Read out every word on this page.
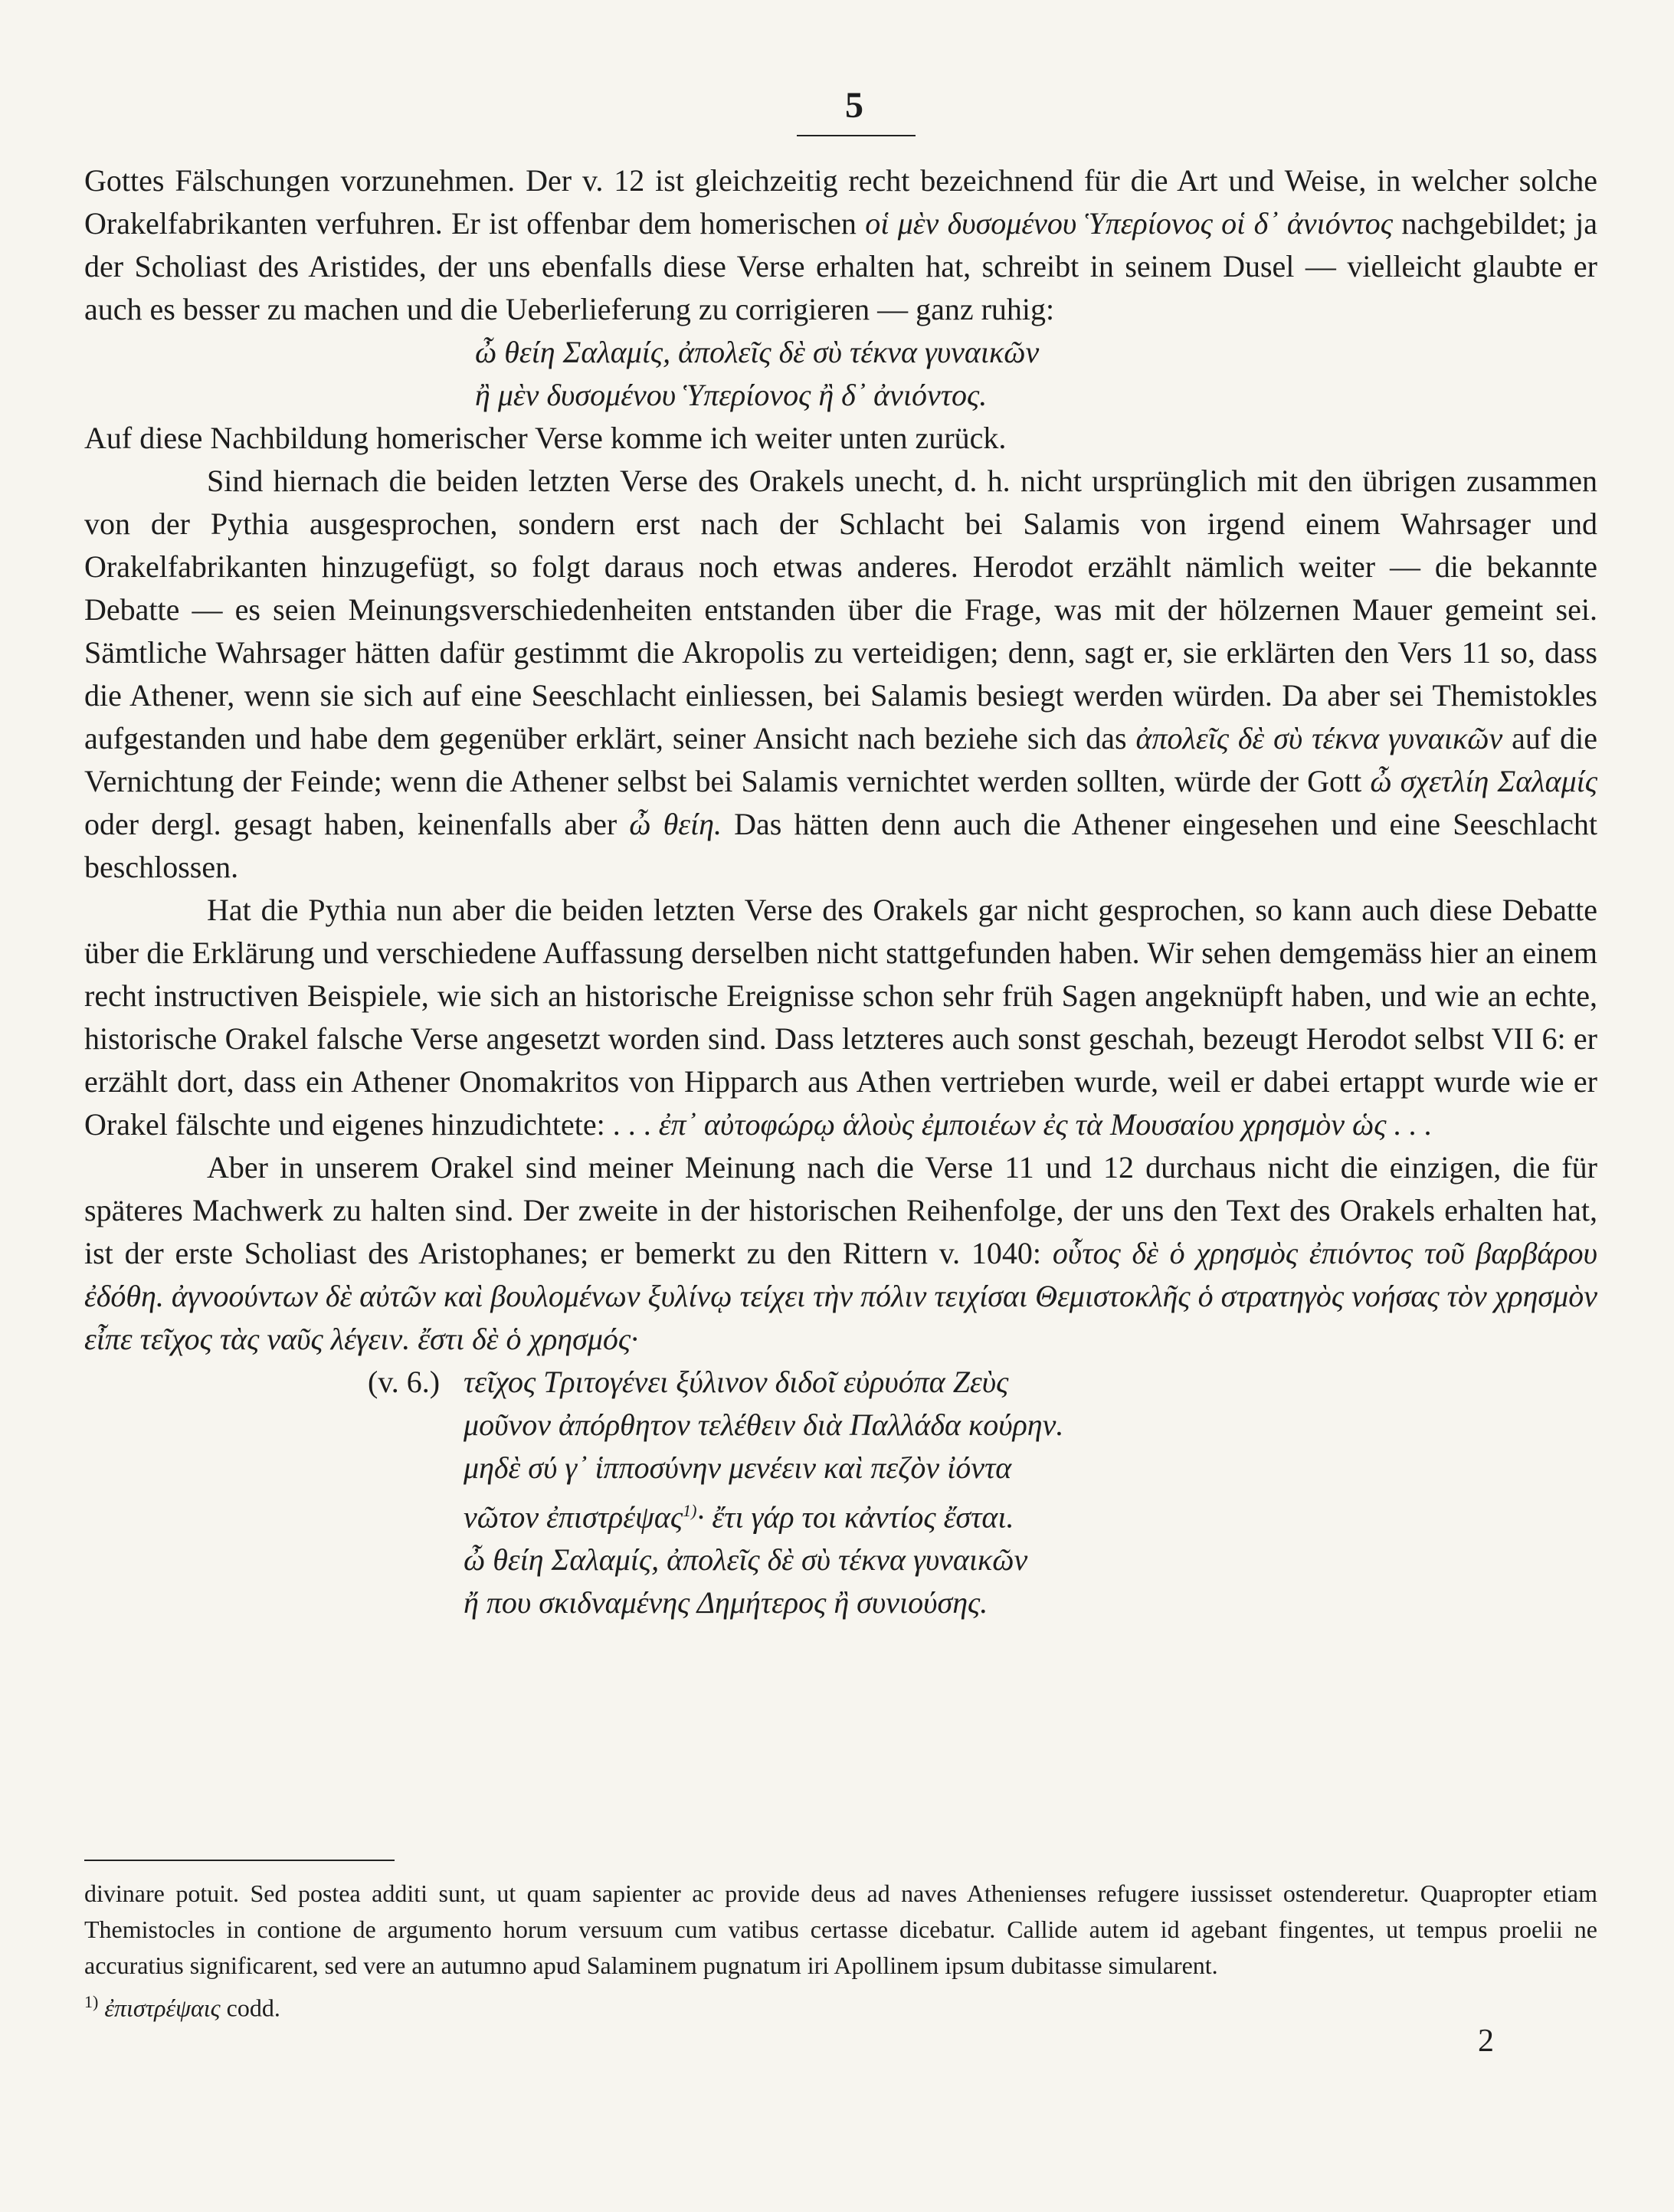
5

Gottes Fälschungen vorzunehmen. Der v. 12 ist gleichzeitig recht bezeichnend für die Art und Weise, in welcher solche Orakelfabrikanten verfuhren. Er ist offenbar dem homerischen οἱ μὲν δυσομένου Ὑπερίονος οἱ δ᾽ ἀνιόντος nachgebildet; ja der Scholiast des Aristides, der uns ebenfalls diese Verse erhalten hat, schreibt in seinem Dusel — vielleicht glaubte er auch es besser zu machen und die Ueberlieferung zu corrigieren — ganz ruhig:

ὦ θείη Σαλαμίς, ἀπολεῖς δὲ σὺ τέκνα γυναικῶν
ἢ μὲν δυσομένου Ὑπερίονος ἢ δ᾽ ἀνιόντος.

Auf diese Nachbildung homerischer Verse komme ich weiter unten zurück.

Sind hiernach die beiden letzten Verse des Orakels unecht, d. h. nicht ursprünglich mit den übrigen zusammen von der Pythia ausgesprochen, sondern erst nach der Schlacht bei Salamis von irgend einem Wahrsager und Orakelfabrikanten hinzugefügt, so folgt daraus noch etwas anderes. Herodot erzählt nämlich weiter — die bekannte Debatte — es seien Meinungsverschiedenheiten entstanden über die Frage, was mit der hölzernen Mauer gemeint sei. Sämtliche Wahrsager hätten dafür gestimmt die Akropolis zu verteidigen; denn, sagt er, sie erklärten den Vers 11 so, dass die Athener, wenn sie sich auf eine Seeschlacht einliessen, bei Salamis besiegt werden würden. Da aber sei Themistokles aufgestanden und habe dem gegenüber erklärt, seiner Ansicht nach beziehe sich das ἀπολεῖς δὲ σὺ τέκνα γυναικῶν auf die Vernichtung der Feinde; wenn die Athener selbst bei Salamis vernichtet werden sollten, würde der Gott ὦ σχετλίη Σαλαμίς oder dergl. gesagt haben, keinenfalls aber ὦ θείη. Das hätten denn auch die Athener eingesehen und eine Seeschlacht beschlossen.

Hat die Pythia nun aber die beiden letzten Verse des Orakels gar nicht gesprochen, so kann auch diese Debatte über die Erklärung und verschiedene Auffassung derselben nicht stattgefunden haben. Wir sehen demgemäss hier an einem recht instructiven Beispiele, wie sich an historische Ereignisse schon sehr früh Sagen angeknüpft haben, und wie an echte, historische Orakel falsche Verse angesetzt worden sind. Dass letzteres auch sonst geschah, bezeugt Herodot selbst VII 6: er erzählt dort, dass ein Athener Onomakritos von Hipparch aus Athen vertrieben wurde, weil er dabei ertappt wurde wie er Orakel fälschte und eigenes hinzudichtete: . . . ἐπ᾽ αὐτοφώρῳ ἁλοὺς ἐμποιέων ἐς τὰ Μουσαίου χρησμὸν ὡς . . .

Aber in unserem Orakel sind meiner Meinung nach die Verse 11 und 12 durchaus nicht die einzigen, die für späteres Machwerk zu halten sind. Der zweite in der historischen Reihenfolge, der uns den Text des Orakels erhalten hat, ist der erste Scholiast des Aristophanes; er bemerkt zu den Rittern v. 1040: οὗτος δὲ ὁ χρησμὸς ἐπιόντος τοῦ βαρβάρου ἐδόθη. ἀγνοούντων δὲ αὐτῶν καὶ βουλομένων ξυλίνῳ τείχει τὴν πόλιν τειχίσαι Θεμιστοκλῆς ὁ στρατηγὸς νοήσας τὸν χρησμὸν εἶπε τεῖχος τὰς ναῦς λέγειν. ἔστι δὲ ὁ χρησμός·

(v. 6.) τεῖχος Τριτογένει ξύλινον διδοῖ εὐρυόπα Ζεὺς
μοῦνον ἀπόρθητον τελέθειν διὰ Παλλάδα κούρην.
μηδὲ σύ γ᾽ ἱπποσύνην μενέειν καὶ πεζὸν ἰόντα
νῶτον ἐπιστρέψας$^{1)}$· ἔτι γάρ τοι κἀντίος ἔσται.
ὦ θείη Σαλαμίς, ἀπολεῖς δὲ σὺ τέκνα γυναικῶν
ἤ που σκιδναμένης Δημήτερος ἢ συνιούσης.

divinare potuit. Sed postea additi sunt, ut quam sapienter ac provide deus ad naves Athenienses refugere iussisset ostenderetur. Quapropter etiam Themistocles in contione de argumento horum versuum cum vatibus certasse dicebatur. Callide autem id agebant fingentes, ut tempus proelii ne accuratius significarent, sed vere an autumno apud Salaminem pugnatum iri Apollinem ipsum dubitasse simularent.

$^{1)}$ ἐπιστρέψαις codd.

2
